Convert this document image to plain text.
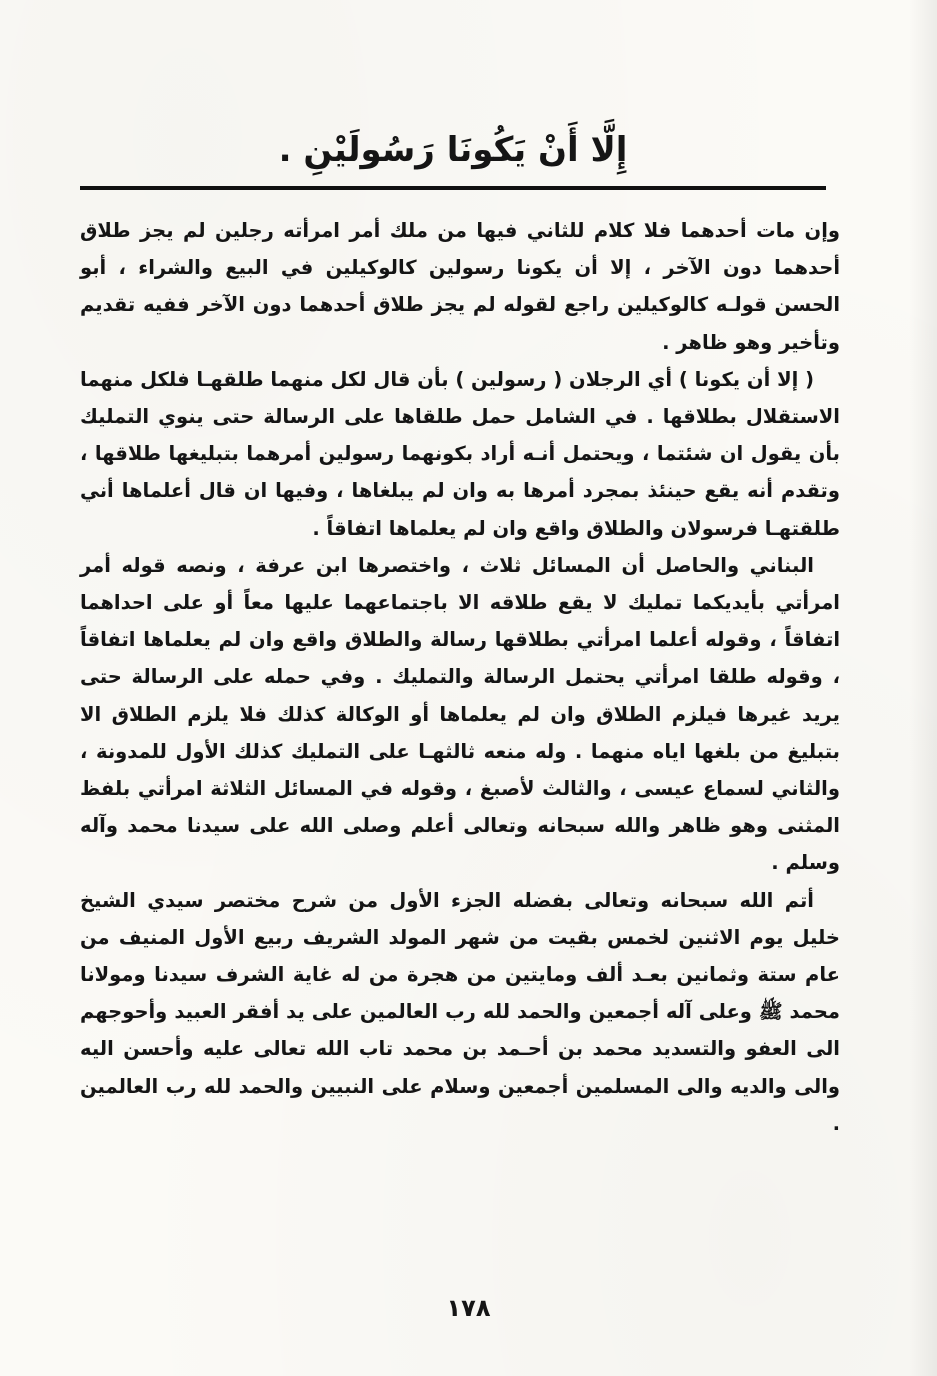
إِلَّا أَنْ يَكُونَا رَسُولَيْنِ .

وإن مات أحدهما فلا كلام للثاني فيها من ملك أمر امرأته رجلين لم يجز طلاق أحدهما دون الآخر ، إلا أن يكونا رسولين كالوكيلين في البيع والشراء ، أبو الحسن قولـه كالوكيلين راجع لقوله لم يجز طلاق أحدهما دون الآخر ففيه تقديم وتأخير وهو ظاهر .

( إلا أن يكونا ) أي الرجلان ( رسولين ) بأن قال لكل منهما طلقهـا فلكل منهما الاستقلال بطلاقها . في الشامل حمل طلقاها على الرسالة حتى ينوي التمليك بأن يقول ان شئتما ، ويحتمل أنـه أراد بكونهما رسولين أمرهما بتبليغها طلاقها ، وتقدم أنه يقع حينئذ بمجرد أمرها به وان لم يبلغاها ، وفيها ان قال أعلماها أني طلقتهـا فرسولان والطلاق واقع وان لم يعلماها اتفاقاً .

البناني والحاصل أن المسائل ثلاث ، واختصرها ابن عرفة ، ونصه قوله أمر امرأتي بأيديكما تمليك لا يقع طلاقه الا باجتماعهما عليها معاً أو على احداهما اتفاقاً ، وقوله أعلما امرأتي بطلاقها رسالة والطلاق واقع وان لم يعلماها اتفاقاً ، وقوله طلقا امرأتي يحتمل الرسالة والتمليك . وفي حمله على الرسالة حتى يريد غيرها فيلزم الطلاق وان لم يعلماها أو الوكالة كذلك فلا يلزم الطلاق الا بتبليغ من بلغها اياه منهما . وله منعه ثالثهـا على التمليك كذلك الأول للمدونة ، والثاني لسماع عيسى ، والثالث لأصبغ ، وقوله في المسائل الثلاثة امرأتي بلفظ المثنى وهو ظاهر والله سبحانه وتعالى أعلم وصلى الله على سيدنا محمد وآله وسلم .

أتم الله سبحانه وتعالى بفضله الجزء الأول من شرح مختصر سيدي الشيخ خليل يوم الاثنين لخمس بقيت من شهر المولد الشريف ربيع الأول المنيف من عام ستة وثمانين بعـد ألف ومايتين من هجرة من له غاية الشرف سيدنا ومولانا محمد ﷺ وعلى آله أجمعين والحمد لله رب العالمين على يد أفقر العبيد وأحوجهم الى العفو والتسديد محمد بن أحـمد بن محمد تاب الله تعالى عليه وأحسن اليه والى والديه والى المسلمين أجمعين وسلام على النبيين والحمد لله رب العالمين .

١٧٨
